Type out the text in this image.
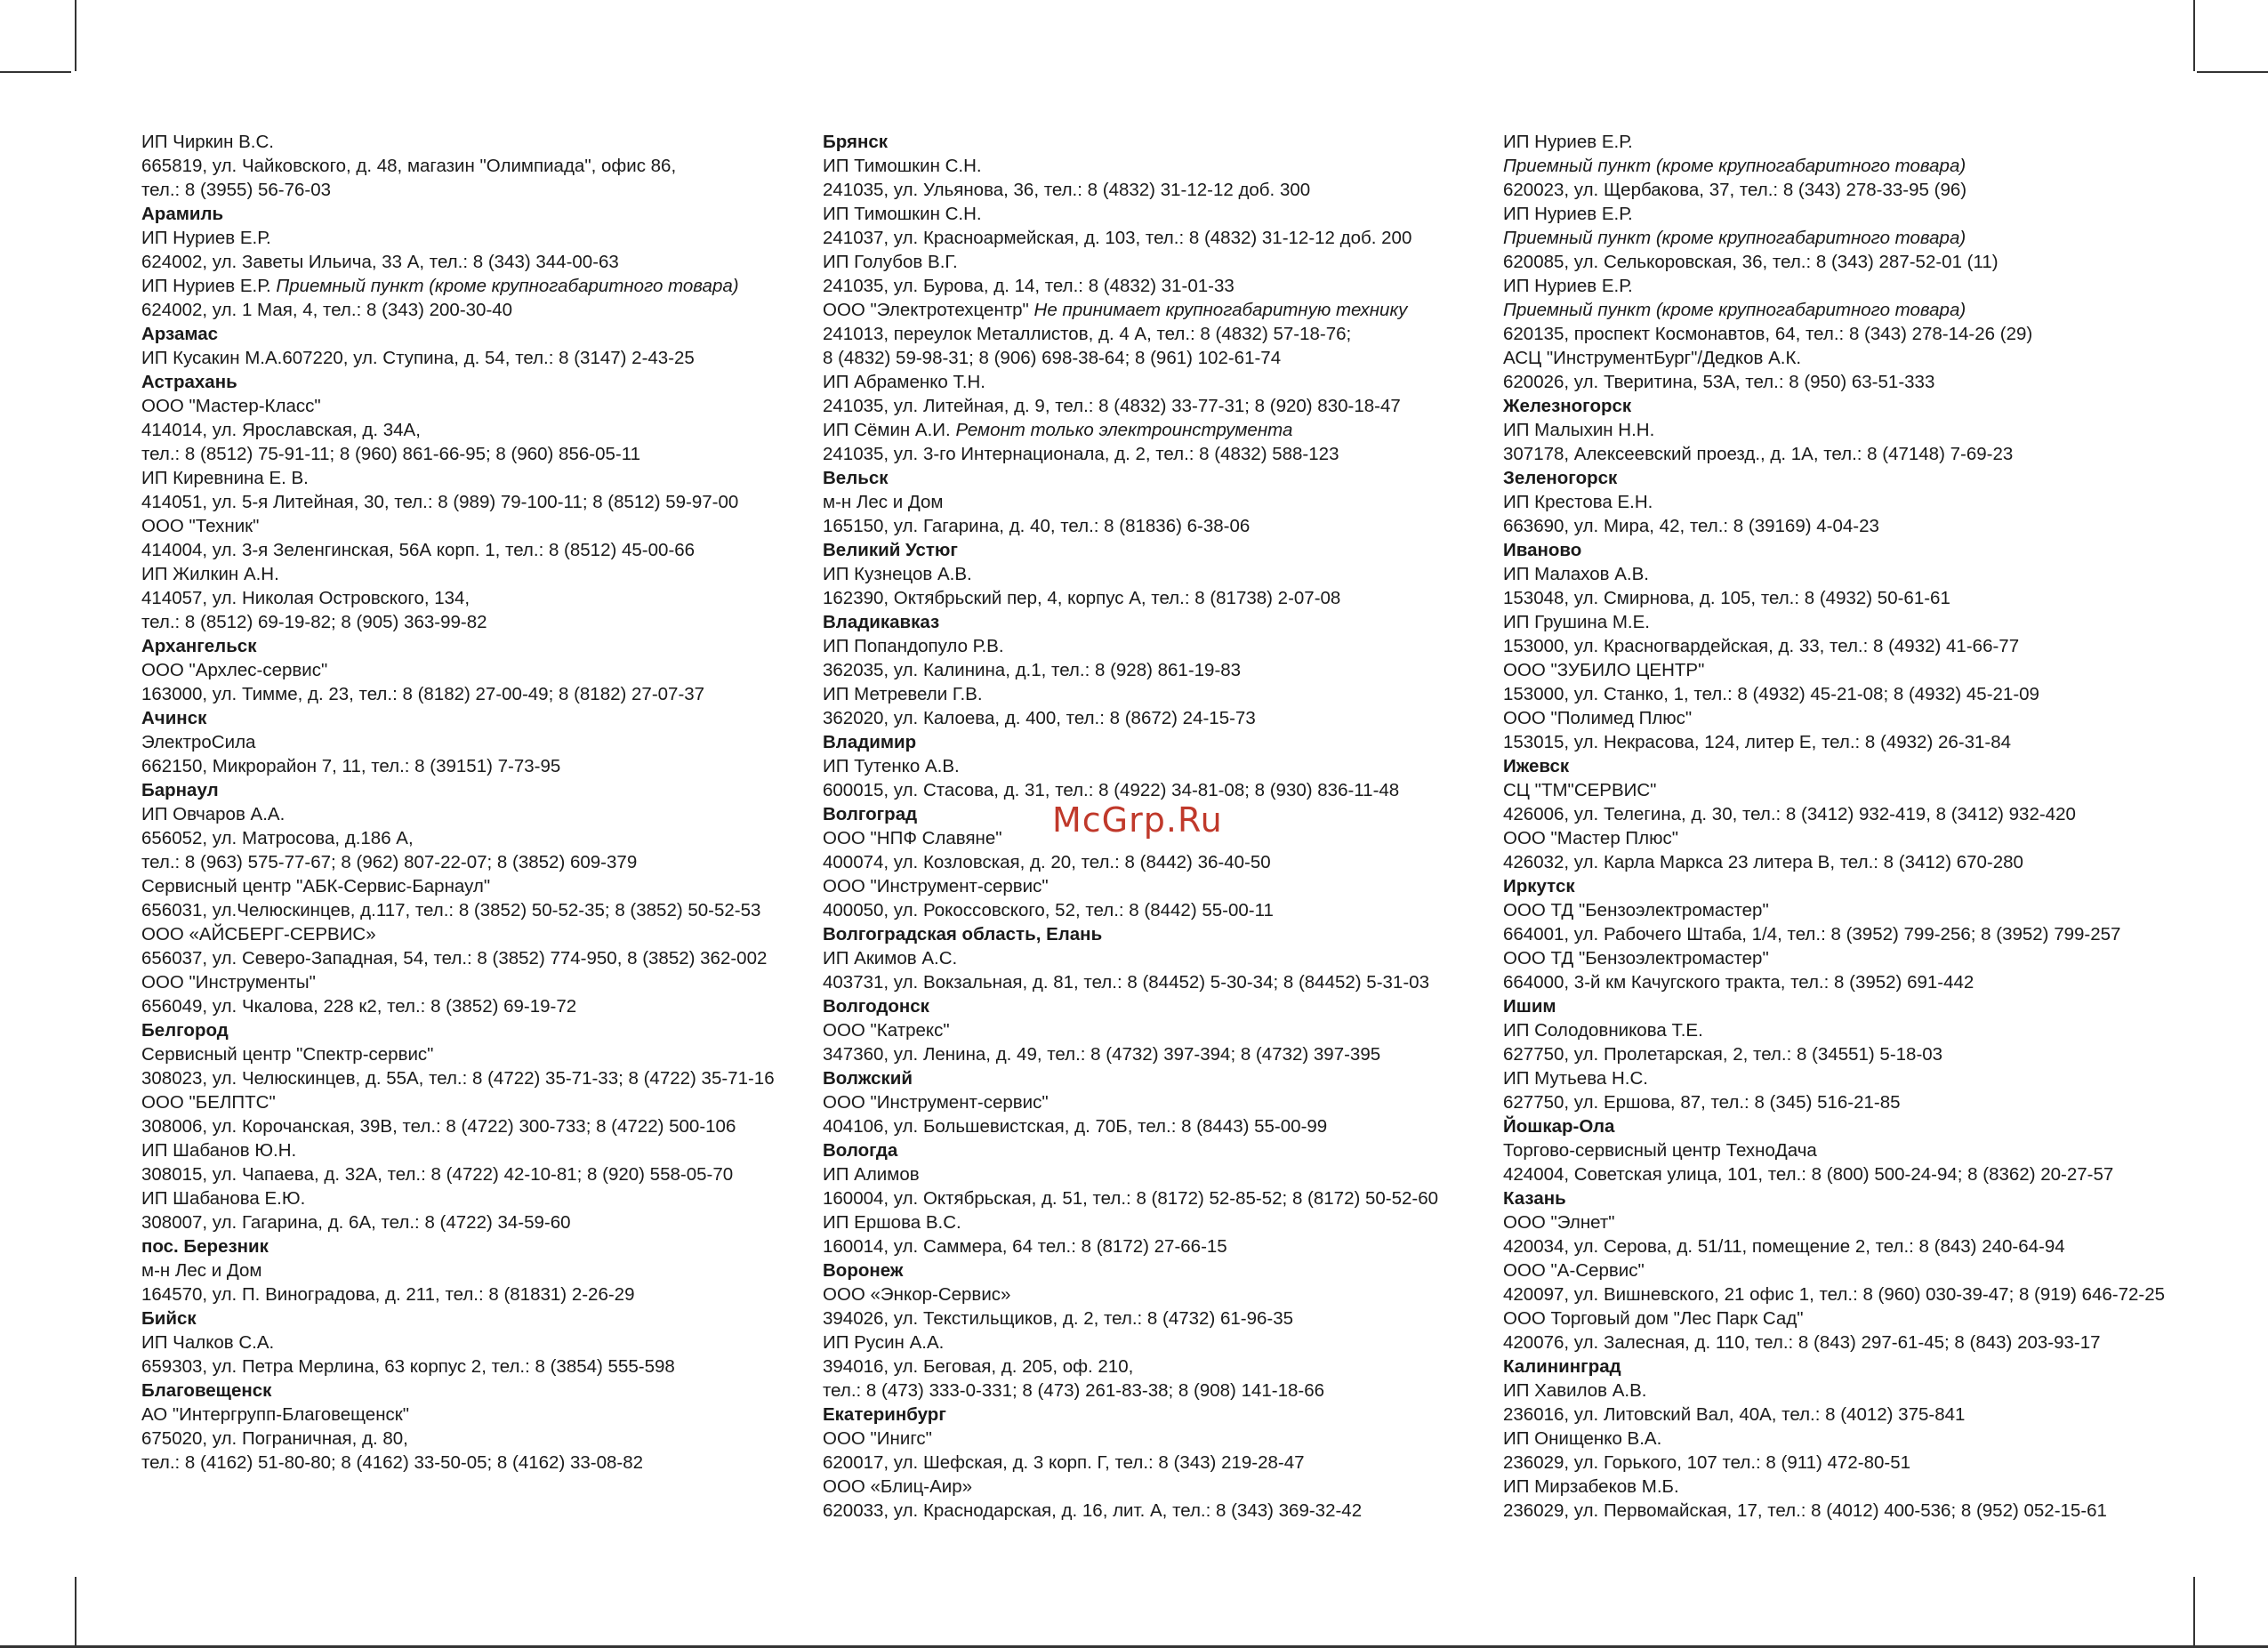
ИП Чиркин В.С.
665819, ул. Чайковского, д. 48, магазин "Олимпиада", офис 86,
тел.: 8 (3955) 56-76-03
Арамиль
ИП Нуриев Е.Р.
624002, ул. Заветы Ильича, 33 А, тел.: 8 (343) 344-00-63
ИП Нуриев Е.Р. Приемный пункт (кроме крупногабаритного товара)
624002, ул. 1 Мая, 4, тел.: 8 (343) 200-30-40
Арзамас
ИП Кусакин М.А.607220, ул. Ступина, д. 54, тел.: 8 (3147) 2-43-25
Астрахань
ООО "Мастер-Класс"
414014, ул. Ярославская, д. 34А,
тел.: 8 (8512) 75-91-11; 8 (960) 861-66-95; 8 (960) 856-05-11
ИП Киревнина Е. В.
414051, ул. 5-я Литейная, 30, тел.: 8 (989) 79-100-11; 8 (8512) 59-97-00
ООО "Техник"
414004, ул. 3-я Зеленгинская, 56А корп. 1, тел.: 8 (8512) 45-00-66
ИП Жилкин А.Н.
414057, ул. Николая Островского, 134,
тел.: 8 (8512) 69-19-82; 8 (905) 363-99-82
Архангельск
ООО "Архлес-сервис"
163000, ул. Тимме, д. 23, тел.: 8 (8182) 27-00-49; 8 (8182) 27-07-37
Ачинск
ЭлектроСила
662150, Микрорайон 7, 11, тел.: 8 (39151) 7-73-95
Барнаул
ИП Овчаров А.А.
656052, ул. Матросова, д.186 А,
тел.: 8 (963) 575-77-67; 8 (962) 807-22-07; 8 (3852) 609-379
Сервисный центр "АБК-Сервис-Барнаул"
656031, ул.Челюскинцев, д.117, тел.: 8 (3852) 50-52-35; 8 (3852) 50-52-53
ООО «АЙСБЕРГ-СЕРВИС»
656037, ул. Северо-Западная, 54, тел.: 8 (3852) 774-950, 8 (3852) 362-002
ООО "Инструменты"
656049, ул. Чкалова, 228 к2, тел.: 8 (3852) 69-19-72
Белгород
Сервисный центр "Спектр-сервис"
308023, ул. Челюскинцев, д. 55А, тел.: 8 (4722) 35-71-33; 8 (4722) 35-71-16
ООО "БЕЛПТС"
308006, ул. Корочанская, 39В, тел.: 8 (4722) 300-733; 8 (4722) 500-106
ИП Шабанов Ю.Н.
308015, ул. Чапаева, д. 32А, тел.: 8 (4722) 42-10-81; 8 (920) 558-05-70
ИП Шабанова Е.Ю.
308007, ул. Гагарина, д. 6А, тел.: 8 (4722) 34-59-60
пос. Березник
м-н Лес и Дом
164570, ул. П. Виноградова, д. 211, тел.: 8 (81831) 2-26-29
Бийск
ИП Чалков С.А.
659303, ул. Петра Мерлина, 63 корпус 2, тел.: 8 (3854) 555-598
Благовещенск
АО "Интергрупп-Благовещенск"
675020, ул. Пограничная, д. 80,
тел.: 8 (4162) 51-80-80; 8 (4162) 33-50-05; 8 (4162) 33-08-82
Брянск
ИП Тимошкин С.Н.
241035, ул. Ульянова, 36, тел.: 8 (4832) 31-12-12 доб. 300
ИП Тимошкин С.Н.
241037, ул. Красноармейская, д. 103, тел.: 8 (4832) 31-12-12 доб. 200
ИП Голубов В.Г.
241035, ул. Бурова, д. 14, тел.: 8 (4832) 31-01-33
ООО "Электротехцентр" Не принимает крупногабаритную технику
241013, переулок Металлистов, д. 4 А, тел.: 8 (4832) 57-18-76;
8 (4832) 59-98-31; 8 (906) 698-38-64; 8 (961) 102-61-74
ИП Абраменко Т.Н.
241035, ул. Литейная, д. 9, тел.: 8 (4832) 33-77-31; 8 (920) 830-18-47
ИП Сёмин А.И. Ремонт только электроинструмента
241035, ул. 3-го Интернационала, д. 2, тел.: 8 (4832) 588-123
Вельск
м-н Лес и Дом
165150, ул. Гагарина, д. 40, тел.: 8 (81836) 6-38-06
Великий Устюг
ИП Кузнецов А.В.
162390, Октябрьский пер, 4, корпус А, тел.: 8 (81738) 2-07-08
Владикавказ
ИП Попандопуло Р.В.
362035, ул. Калинина, д.1, тел.: 8 (928) 861-19-83
ИП Метревели Г.В.
362020, ул. Калоева, д. 400, тел.: 8 (8672) 24-15-73
Владимир
ИП Тутенко А.В.
600015, ул. Стасова, д. 31, тел.: 8 (4922) 34-81-08; 8 (930) 836-11-48
Волгоград
ООО "НПФ Славяне"
400074, ул. Козловская, д. 20, тел.: 8 (8442) 36-40-50
ООО "Инструмент-сервис"
400050, ул. Рокоссовского, 52, тел.: 8 (8442) 55-00-11
Волгоградская область, Елань
ИП Акимов А.С.
403731, ул. Вокзальная, д. 81, тел.: 8 (84452) 5-30-34; 8 (84452) 5-31-03
Волгодонск
ООО "Катрекс"
347360, ул. Ленина, д. 49, тел.: 8 (4732) 397-394; 8 (4732) 397-395
Волжский
ООО "Инструмент-сервис"
404106, ул. Большевистская, д. 70Б, тел.: 8 (8443) 55-00-99
Вологда
ИП Алимов
160004, ул. Октябрьская, д. 51, тел.: 8 (8172) 52-85-52; 8 (8172) 50-52-60
ИП Ершова В.С.
160014, ул. Саммера, 64 тел.: 8 (8172) 27-66-15
Воронеж
ООО «Энкор-Сервис»
394026, ул. Текстильщиков, д. 2, тел.: 8 (4732) 61-96-35
ИП Русин А.А.
394016, ул. Беговая, д. 205, оф. 210,
тел.: 8 (473) 333-0-331; 8 (473) 261-83-38; 8 (908) 141-18-66
Екатеринбург
ООО "Инигс"
620017, ул. Шефская, д. 3 корп. Г, тел.: 8 (343) 219-28-47
ООО «Блиц-Аир»
620033, ул. Краснодарская, д. 16, лит. А, тел.: 8 (343) 369-32-42
ИП Нуриев Е.Р.
Приемный пункт (кроме крупногабаритного товара)
620023, ул. Щербакова, 37, тел.: 8 (343) 278-33-95 (96)
ИП Нуриев Е.Р.
Приемный пункт (кроме крупногабаритного товара)
620085, ул. Селькоровская, 36, тел.: 8 (343) 287-52-01 (11)
ИП Нуриев Е.Р.
Приемный пункт (кроме крупногабаритного товара)
620135, проспект Космонавтов, 64, тел.: 8 (343) 278-14-26 (29)
АСЦ "ИнструментБург"/Дедков А.К.
620026, ул. Тверитина, 53А, тел.: 8 (950) 63-51-333
Железногорск
ИП Малыхин Н.Н.
307178, Алексеевский проезд., д. 1А, тел.: 8 (47148) 7-69-23
Зеленогорск
ИП Крестова Е.Н.
663690, ул. Мира, 42, тел.: 8 (39169) 4-04-23
Иваново
ИП Малахов А.В.
153048, ул. Смирнова, д. 105, тел.: 8 (4932) 50-61-61
ИП Грушина М.Е.
153000, ул. Красногвардейская, д. 33, тел.: 8 (4932) 41-66-77
ООО "ЗУБИЛО ЦЕНТР"
153000, ул. Станко, 1, тел.: 8 (4932) 45-21-08; 8 (4932) 45-21-09
ООО "Полимед Плюс"
153015, ул. Некрасова, 124, литер Е, тел.: 8 (4932) 26-31-84
Ижевск
СЦ "ТМ"СЕРВИС"
426006, ул. Телегина, д. 30, тел.: 8 (3412) 932-419, 8 (3412) 932-420
ООО "Мастер Плюс"
426032, ул. Карла Маркса 23 литера В, тел.: 8 (3412) 670-280
Иркутск
ООО ТД "Бензоэлектромастер"
664001, ул. Рабочего Штаба, 1/4, тел.: 8 (3952) 799-256; 8 (3952) 799-257
ООО ТД "Бензоэлектромастер"
664000, 3-й км Качугского тракта, тел.: 8 (3952) 691-442
Ишим
ИП Солодовникова Т.Е.
627750, ул. Пролетарская, 2, тел.: 8 (34551) 5-18-03
ИП Мутьева Н.С.
627750, ул. Ершова, 87, тел.: 8 (345) 516-21-85
Йошкар-Ола
Торгово-сервисный центр ТехноДача
424004, Советская улица, 101, тел.: 8 (800) 500-24-94; 8 (8362) 20-27-57
Казань
ООО "Элнет"
420034, ул. Серова, д. 51/11, помещение 2, тел.: 8 (843) 240-64-94
ООО "А-Сервис"
420097, ул. Вишневского, 21 офис 1, тел.: 8 (960) 030-39-47; 8 (919) 646-72-25
ООО Торговый дом "Лес Парк Сад"
420076, ул. Залесная, д. 110, тел.: 8 (843) 297-61-45; 8 (843) 203-93-17
Калининград
ИП Хавилов А.В.
236016, ул. Литовский Вал, 40А, тел.: 8 (4012) 375-841
ИП Онищенко В.А.
236029, ул. Горького, 107 тел.: 8 (911) 472-80-51
ИП Мирзабеков М.Б.
236029, ул. Первомайская, 17, тел.: 8 (4012) 400-536; 8 (952) 052-15-61
McGrp.Ru
